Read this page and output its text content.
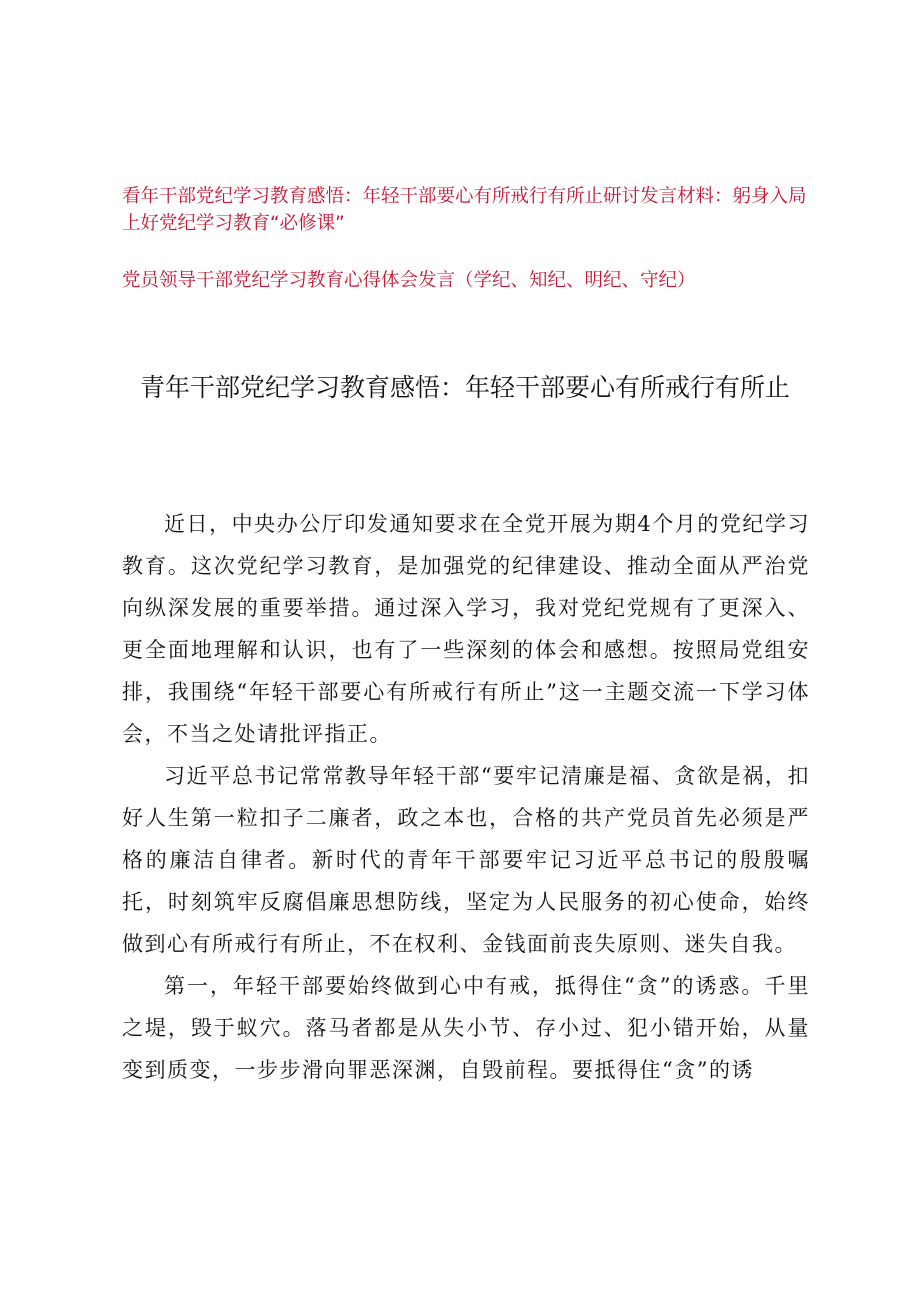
看年干部党纪学习教育感悟：年轻干部要心有所戒行有所止研讨发言材料：躬身入局上好党纪学习教育“必修课”

党员领导干部党纪学习教育心得体会发言（学纪、知纪、明纪、守纪）

青年干部党纪学习教育感悟：年轻干部要心有所戒行有所止

近日，中央办公厅印发通知要求在全党开展为期4个月的党纪学习教育。这次党纪学习教育，是加强党的纪律建设、推动全面从严治党向纵深发展的重要举措。通过深入学习，我对党纪党规有了更深入、更全面地理解和认识，也有了一些深刻的体会和感想。按照局党组安排，我围绕“年轻干部要心有所戒行有所止”这一主题交流一下学习体会，不当之处请批评指正。

习近平总书记常常教导年轻干部“要牢记清廉是福、贪欲是祸，扣好人生第一粒扣子二廉者，政之本也，合格的共产党员首先必须是严格的廉洁自律者。新时代的青年干部要牢记习近平总书记的殷殷嘱托，时刻筑牢反腐倡廉思想防线，坚定为人民服务的初心使命，始终做到心有所戒行有所止，不在权利、金钱面前丧失原则、迷失自我。

第一，年轻干部要始终做到心中有戒，抵得住“贪”的诱惑。千里之堤，毁于蚁穴。落马者都是从失小节、存小过、犯小错开始，从量变到质变，一步步滑向罪恶深渊，自毁前程。要抵得住“贪”的诱
